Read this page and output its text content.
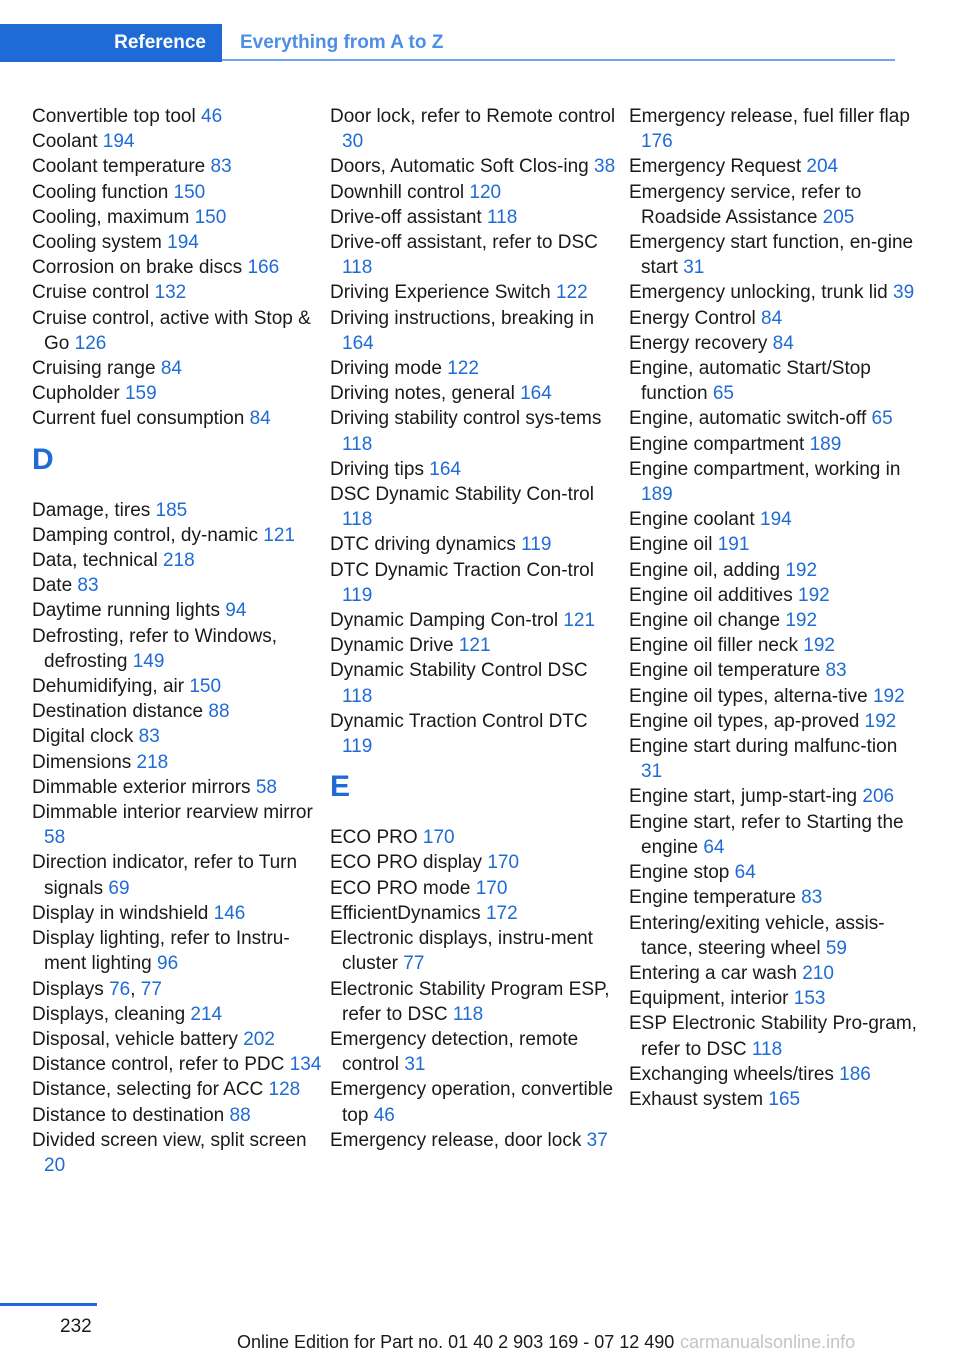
Reference	Everything from A to Z
Convertible top tool 46
Coolant 194
Coolant temperature 83
Cooling function 150
Cooling, maximum 150
Cooling system 194
Corrosion on brake discs 166
Cruise control 132
Cruise control, active with Stop & Go 126
Cruising range 84
Cupholder 159
Current fuel consumption 84
D
Damage, tires 185
Damping control, dy-namic 121
Data, technical 218
Date 83
Daytime running lights 94
Defrosting, refer to Windows, defrosting 149
Dehumidifying, air 150
Destination distance 88
Digital clock 83
Dimensions 218
Dimmable exterior mirrors 58
Dimmable interior rearview mirror 58
Direction indicator, refer to Turn signals 69
Display in windshield 146
Display lighting, refer to Instru-ment lighting 96
Displays 76, 77
Displays, cleaning 214
Disposal, vehicle battery 202
Distance control, refer to PDC 134
Distance, selecting for ACC 128
Distance to destination 88
Divided screen view, split screen 20
Door lock, refer to Remote control 30
Doors, Automatic Soft Clos-ing 38
Downhill control 120
Drive-off assistant 118
Drive-off assistant, refer to DSC 118
Driving Experience Switch 122
Driving instructions, breaking in 164
Driving mode 122
Driving notes, general 164
Driving stability control sys-tems 118
Driving tips 164
DSC Dynamic Stability Con-trol 118
DTC driving dynamics 119
DTC Dynamic Traction Con-trol 119
Dynamic Damping Con-trol 121
Dynamic Drive 121
Dynamic Stability Control DSC 118
Dynamic Traction Control DTC 119
E
ECO PRO 170
ECO PRO display 170
ECO PRO mode 170
EfficientDynamics 172
Electronic displays, instru-ment cluster 77
Electronic Stability Program ESP, refer to DSC 118
Emergency detection, remote control 31
Emergency operation, convertible top 46
Emergency release, door lock 37
Emergency release, fuel filler flap 176
Emergency Request 204
Emergency service, refer to Roadside Assistance 205
Emergency start function, en-gine start 31
Emergency unlocking, trunk lid 39
Energy Control 84
Energy recovery 84
Engine, automatic Start/Stop function 65
Engine, automatic switch-off 65
Engine compartment 189
Engine compartment, working in 189
Engine coolant 194
Engine oil 191
Engine oil, adding 192
Engine oil additives 192
Engine oil change 192
Engine oil filler neck 192
Engine oil temperature 83
Engine oil types, alterna-tive 192
Engine oil types, ap-proved 192
Engine start during malfunc-tion 31
Engine start, jump-start-ing 206
Engine start, refer to Starting the engine 64
Engine stop 64
Engine temperature 83
Entering/exiting vehicle, assis-tance, steering wheel 59
Entering a car wash 210
Equipment, interior 153
ESP Electronic Stability Pro-gram, refer to DSC 118
Exchanging wheels/tires 186
Exhaust system 165
232
Online Edition for Part no. 01 40 2 903 169 - 07 12 490 carmanualsonline.info
